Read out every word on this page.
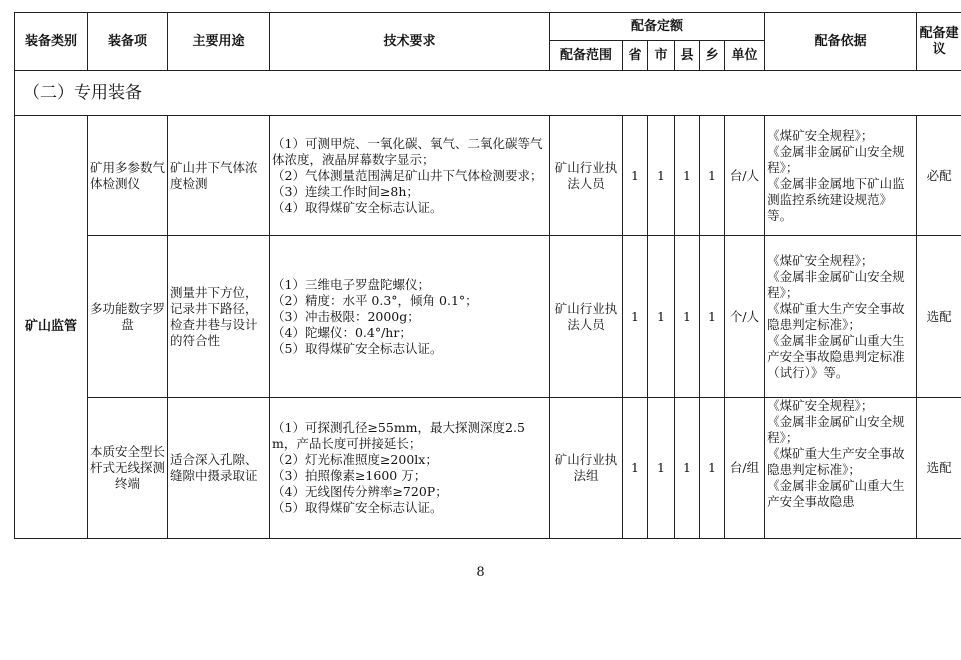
装备类别	装备项	主要用途	技术要求	配备定额						配备依据	配备建议
				配备范围	省	市	县	乡	单位		
（二）专用装备											
矿山监管	矿用多参数气体检测仪	矿山井下气体浓度检测	（1）可测甲烷、一氧化碳、氧气、二氧化碳等气体浓度，液晶屏幕数字显示；
（2）气体测量范围满足矿山井下气体检测要求；
（3）连续工作时间≥8h；
（4）取得煤矿安全标志认证。	矿山行业执法人员	1	1	1	1	台/人	《煤矿安全规程》；
《金属非金属矿山安全规程》；
《金属非金属地下矿山监测监控系统建设规范》等。	必配
	多功能数字罗盘	测量井下方位，记录井下路径，检查井巷与设计的符合性	（1）三维电子罗盘陀螺仪；
（2）精度：水平 0.3°，倾角 0.1°；
（3）冲击极限：2000g；
（4）陀螺仪：0.4°/hr；
（5）取得煤矿安全标志认证。	矿山行业执法人员	1	1	1	1	个/人	《煤矿安全规程》；
《金属非金属矿山安全规程》；
《煤矿重大生产安全事故隐患判定标准》；
《金属非金属矿山重大生产安全事故隐患判定标准（试行）》等。	选配
	本质安全型长杆式无线探测终端	适合深入孔隙、缝隙中摄录取证	（1）可探测孔径≥55mm，最大探测深度2.5m，产品长度可拼接延长；
（2）灯光标准照度≥200lx；
（3）拍照像素≥1600 万；
（4）无线图传分辨率≥720P；
（5）取得煤矿安全标志认证。	矿山行业执法组	1	1	1	1	台/组	《煤矿安全规程》；
《金属非金属矿山安全规程》；
《煤矿重大生产安全事故隐患判定标准》；
《金属非金属矿山重大生产安全事故隐患	选配
8
